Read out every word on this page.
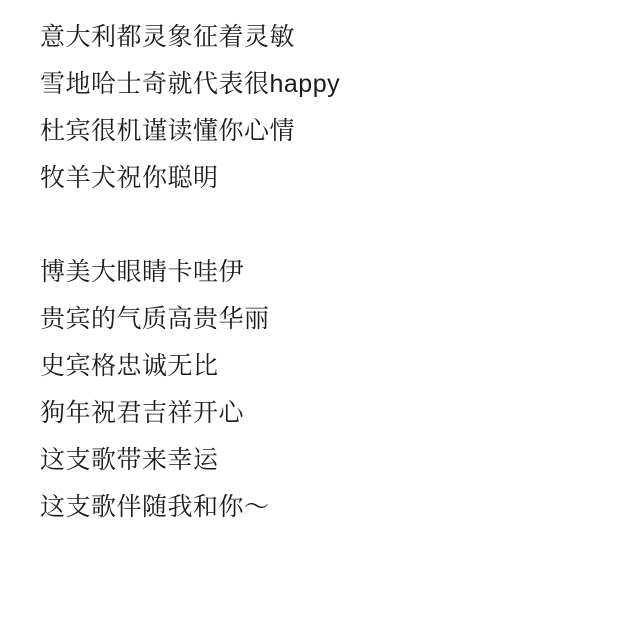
意大利都灵象征着灵敏
雪地哈士奇就代表很happy
杜宾很机谨读懂你心情
牧羊犬祝你聪明

博美大眼睛卡哇伊
贵宾的气质高贵华丽
史宾格忠诚无比
狗年祝君吉祥开心
这支歌带来幸运
这支歌伴随我和你～
